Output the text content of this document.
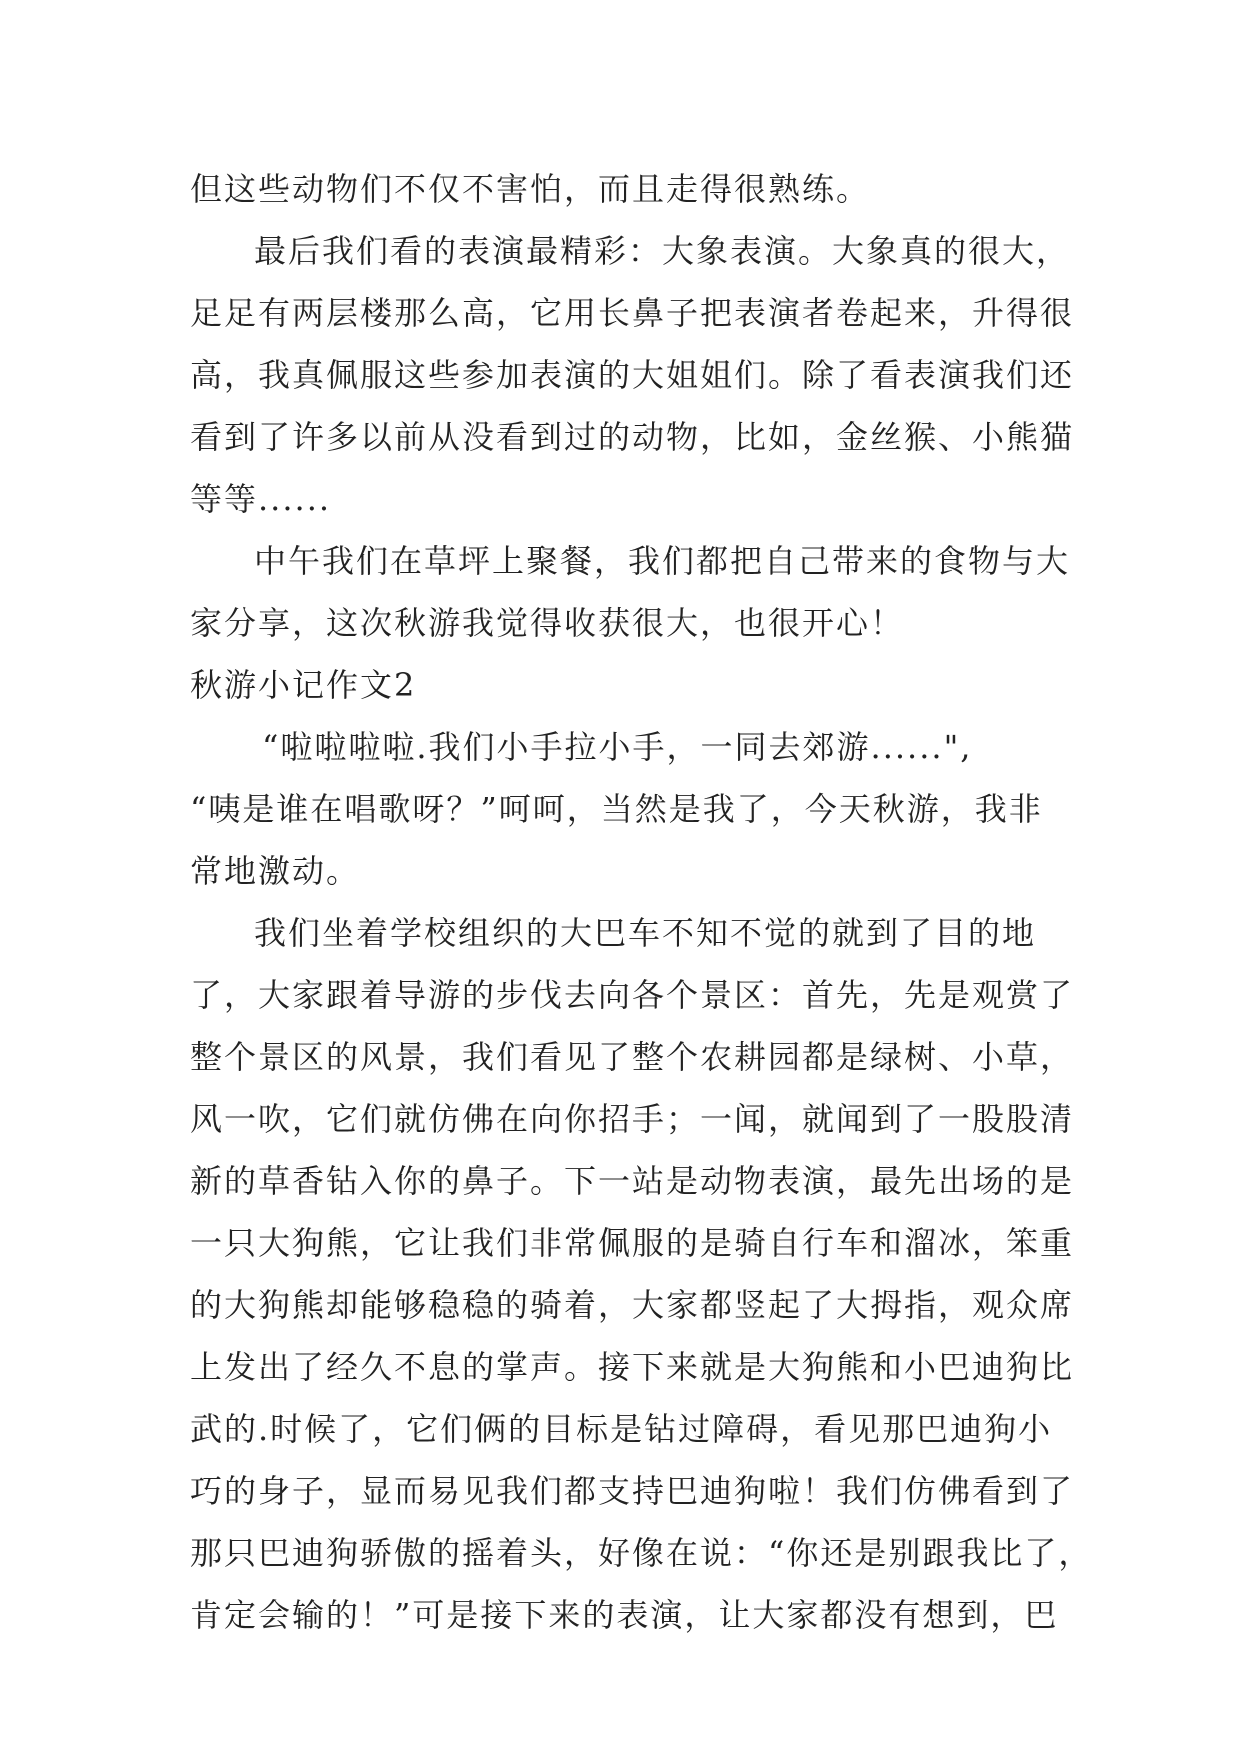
但这些动物们不仅不害怕，而且走得很熟练。
最后我们看的表演最精彩：大象表演。大象真的很大，
足足有两层楼那么高，它用长鼻子把表演者卷起来，升得很
高，我真佩服这些参加表演的大姐姐们。除了看表演我们还
看到了许多以前从没看到过的动物，比如，金丝猴、小熊猫
等等......
中午我们在草坪上聚餐，我们都把自己带来的食物与大
家分享，这次秋游我觉得收获很大，也很开心！
秋游小记作文2
“啦啦啦啦.我们小手拉小手，一同去郊游......",
“咦是谁在唱歌呀？”呵呵，当然是我了，今天秋游，我非
常地激动。
我们坐着学校组织的大巴车不知不觉的就到了目的地
了，大家跟着导游的步伐去向各个景区：首先，先是观赏了
整个景区的风景，我们看见了整个农耕园都是绿树、小草，
风一吹，它们就仿佛在向你招手；一闻，就闻到了一股股清
新的草香钻入你的鼻子。下一站是动物表演，最先出场的是
一只大狗熊，它让我们非常佩服的是骑自行车和溜冰，笨重
的大狗熊却能够稳稳的骑着，大家都竖起了大拇指，观众席
上发出了经久不息的掌声。接下来就是大狗熊和小巴迪狗比
武的.时候了，它们俩的目标是钻过障碍，看见那巴迪狗小
巧的身子，显而易见我们都支持巴迪狗啦！我们仿佛看到了
那只巴迪狗骄傲的摇着头，好像在说：“你还是别跟我比了，
肯定会输的！”可是接下来的表演，让大家都没有想到，巴
